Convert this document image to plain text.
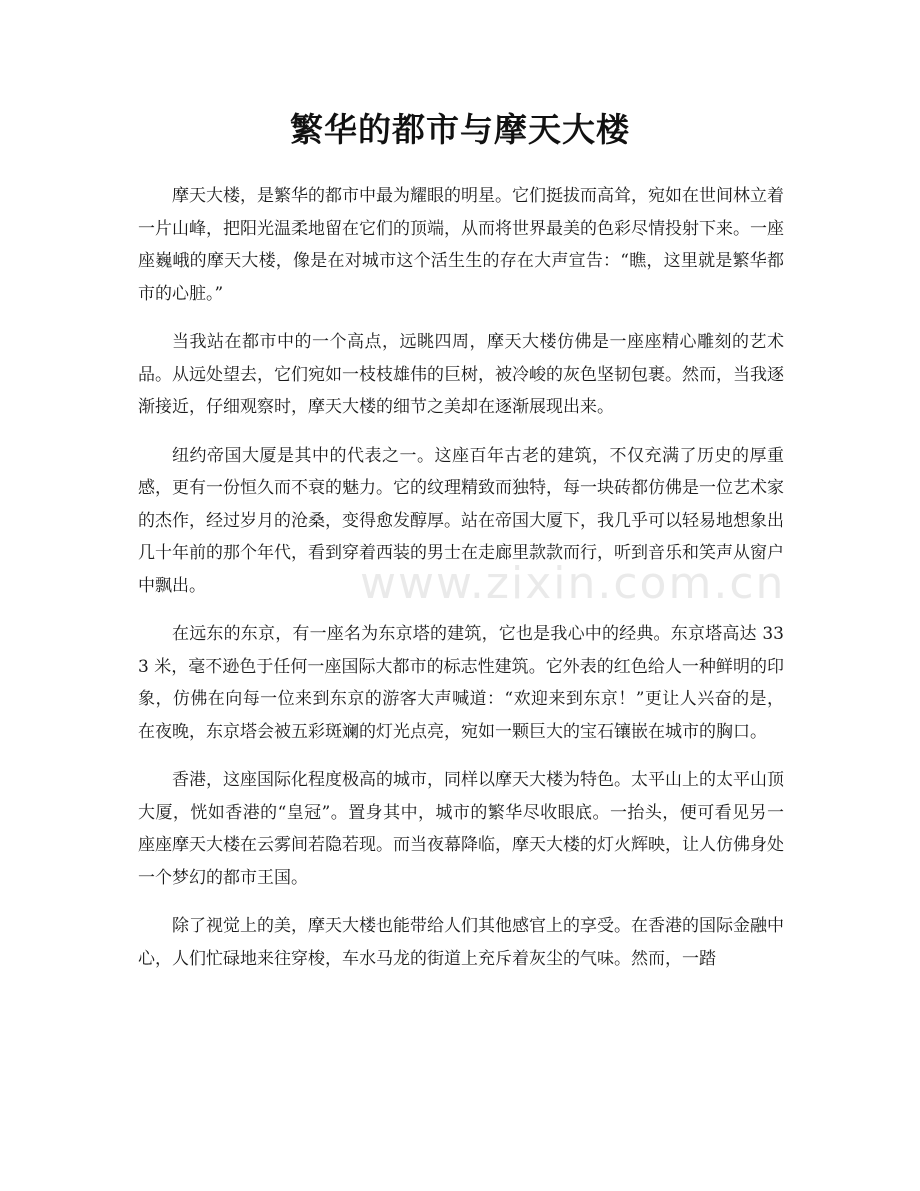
繁华的都市与摩天大楼

摩天大楼，是繁华的都市中最为耀眼的明星。它们挺拔而高耸，宛如在世间林立着一片山峰，把阳光温柔地留在它们的顶端，从而将世界最美的色彩尽情投射下来。一座座巍峨的摩天大楼，像是在对城市这个活生生的存在大声宣告：“瞧，这里就是繁华都市的心脏。”

当我站在都市中的一个高点，远眺四周，摩天大楼仿佛是一座座精心雕刻的艺术品。从远处望去，它们宛如一枝枝雄伟的巨树，被冷峻的灰色坚韧包裹。然而，当我逐渐接近，仔细观察时，摩天大楼的细节之美却在逐渐展现出来。

纽约帝国大厦是其中的代表之一。这座百年古老的建筑，不仅充满了历史的厚重感，更有一份恒久而不衰的魅力。它的纹理精致而独特，每一块砖都仿佛是一位艺术家的杰作，经过岁月的沧桑，变得愈发醇厚。站在帝国大厦下，我几乎可以轻易地想象出几十年前的那个年代，看到穿着西装的男士在走廊里款款而行，听到音乐和笑声从窗户中飘出。

在远东的东京，有一座名为东京塔的建筑，它也是我心中的经典。东京塔高达 333 米，毫不逊色于任何一座国际大都市的标志性建筑。它外表的红色给人一种鲜明的印象，仿佛在向每一位来到东京的游客大声喊道：“欢迎来到东京！”更让人兴奋的是，在夜晚，东京塔会被五彩斑斓的灯光点亮，宛如一颗巨大的宝石镶嵌在城市的胸口。

香港，这座国际化程度极高的城市，同样以摩天大楼为特色。太平山上的太平山顶大厦，恍如香港的“皇冠”。置身其中，城市的繁华尽收眼底。一抬头，便可看见另一座座摩天大楼在云雾间若隐若现。而当夜幕降临，摩天大楼的灯火辉映，让人仿佛身处一个梦幻的都市王国。

除了视觉上的美，摩天大楼也能带给人们其他感官上的享受。在香港的国际金融中心，人们忙碌地来往穿梭，车水马龙的街道上充斥着灰尘的气味。然而，一踏

www.zixin.com.cn
